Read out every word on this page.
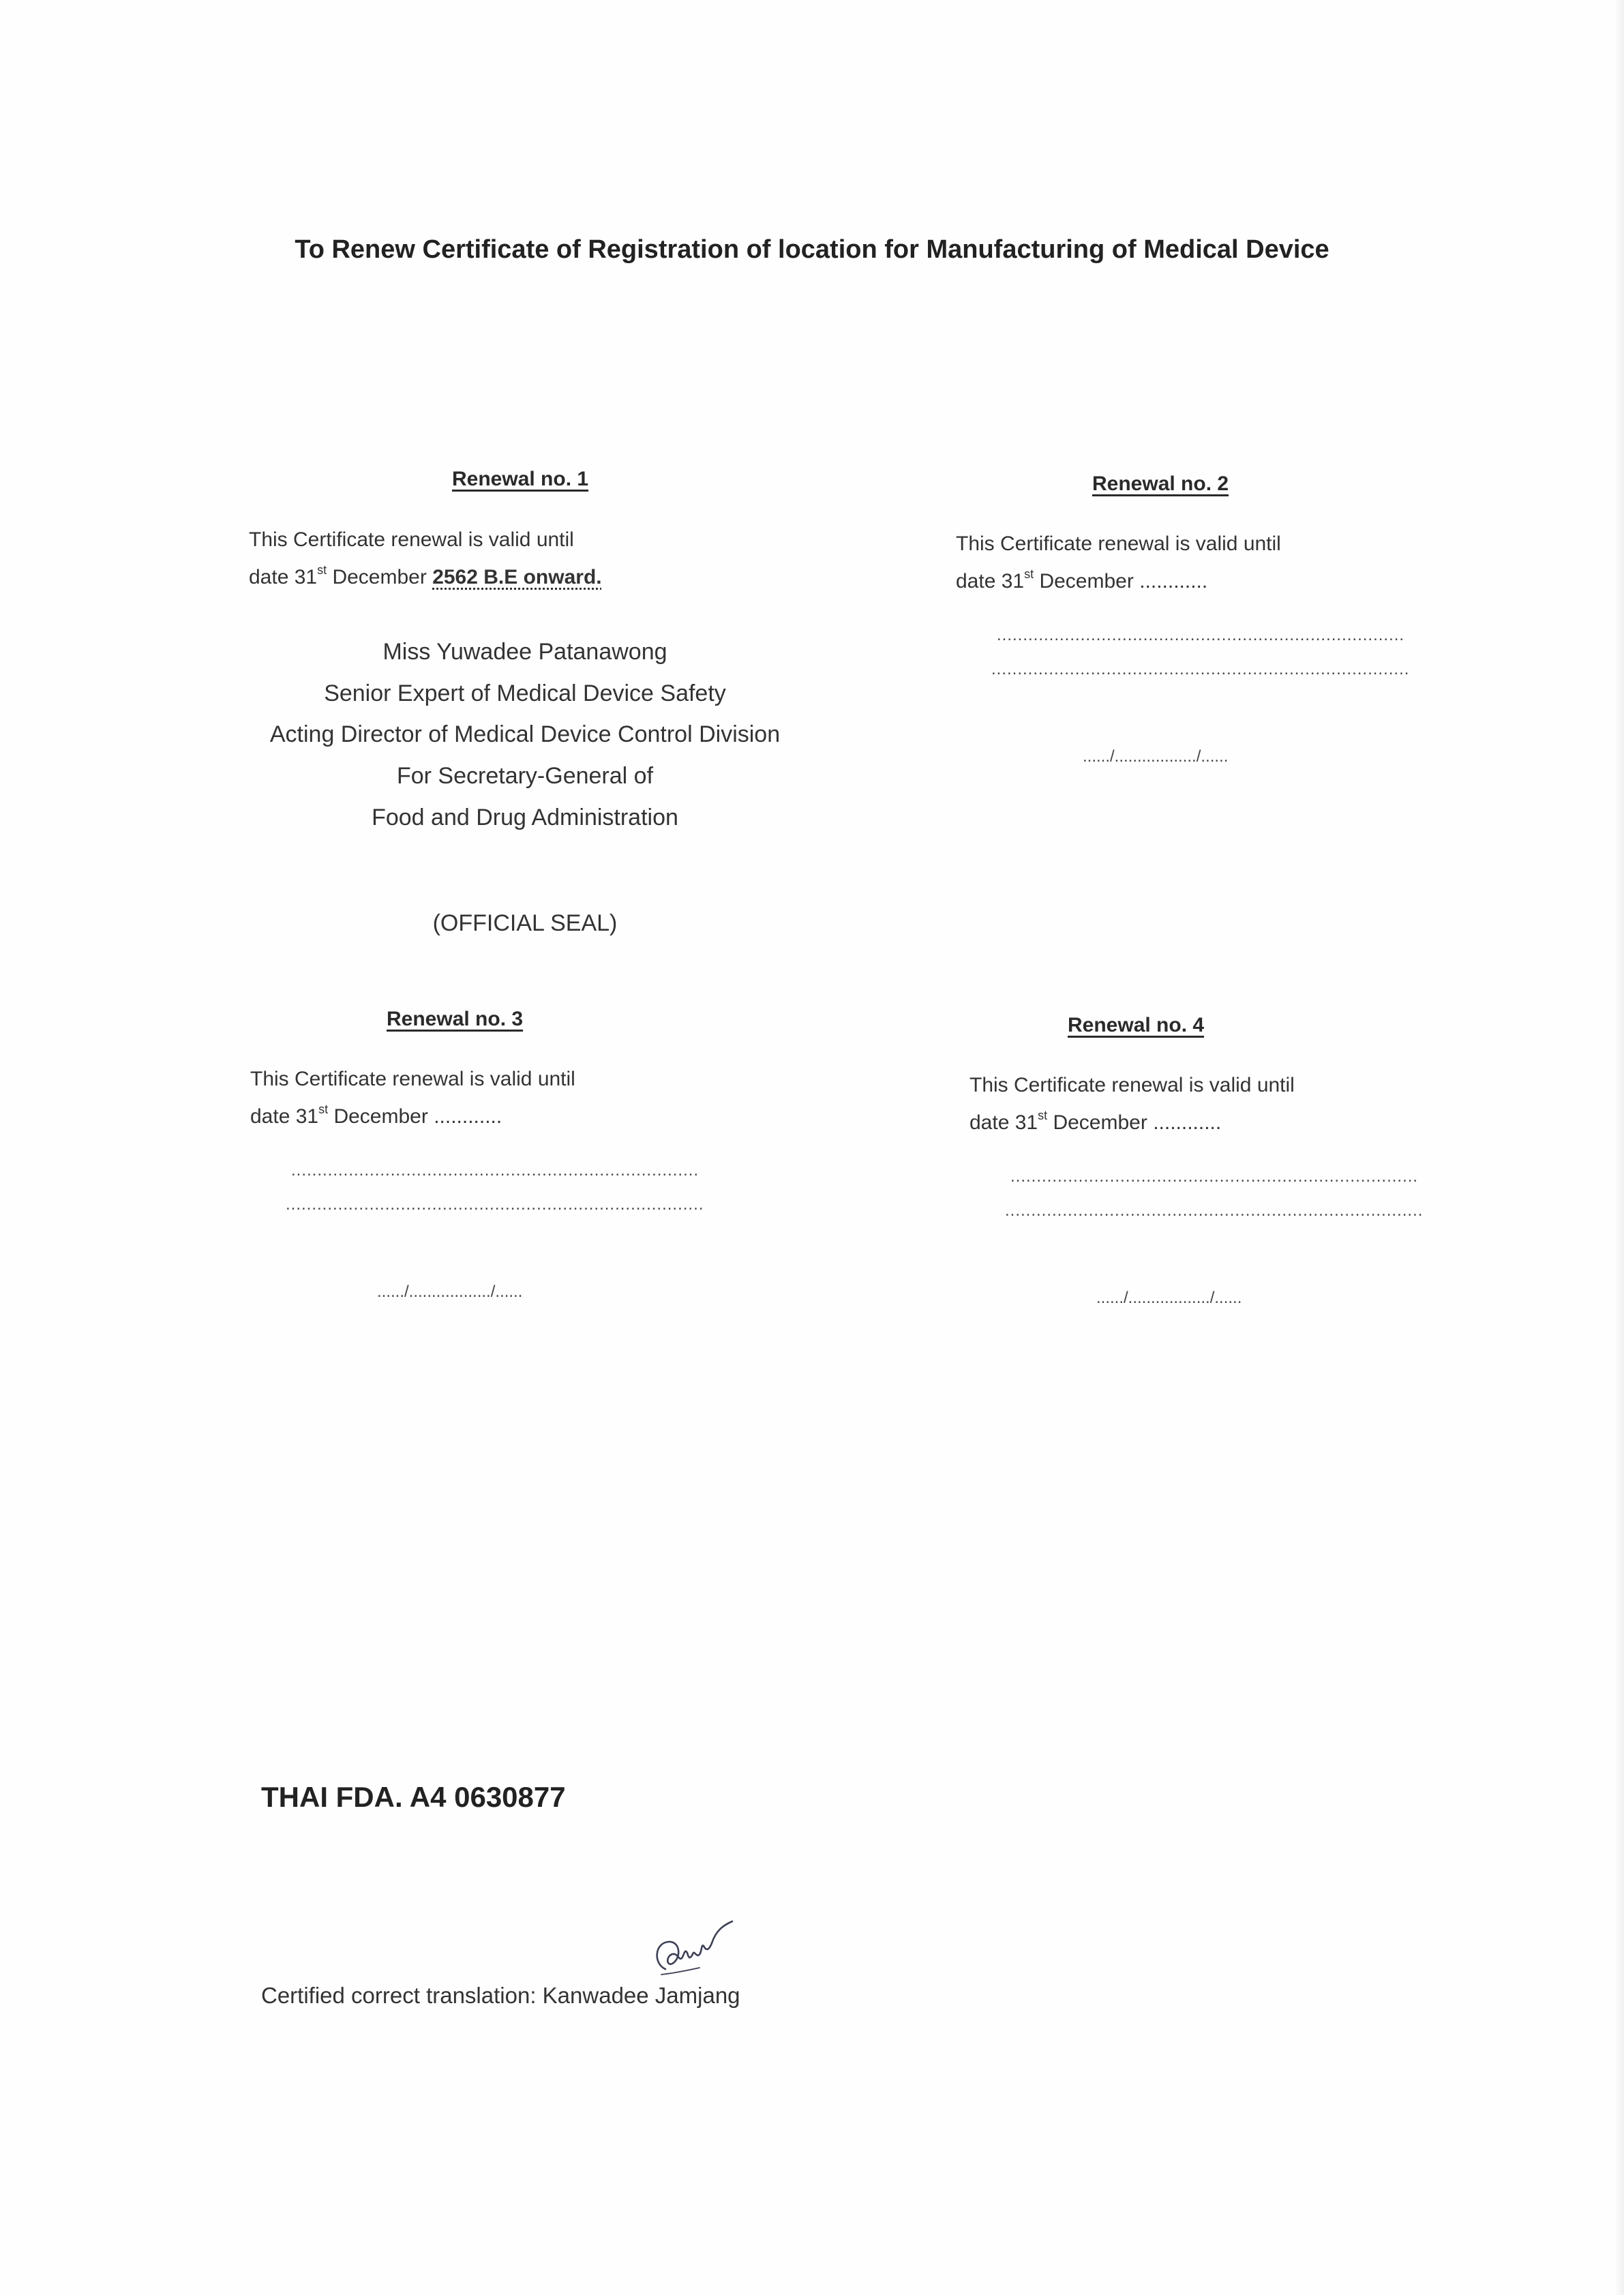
To Renew Certificate of Registration of location for Manufacturing of Medical Device
Renewal no. 1
This Certificate renewal is valid until
date 31st December 2562 B.E onward.
Miss Yuwadee Patanawong
Senior Expert of Medical Device Safety
Acting Director of Medical Device Control Division
For Secretary-General of
Food and Drug Administration
(OFFICIAL SEAL)
Renewal no. 2
This Certificate renewal is valid until
date 31st December ............
..............................................................................
................................................................................
....../................../......
Renewal no. 3
This Certificate renewal is valid until
date 31st December ............
..............................................................................
................................................................................
....../................../......
Renewal no. 4
This Certificate renewal is valid until
date 31st December ............
..............................................................................
................................................................................
....../................../......
THAI FDA. A4 0630877
Certified correct translation: Kanwadee Jamjang
